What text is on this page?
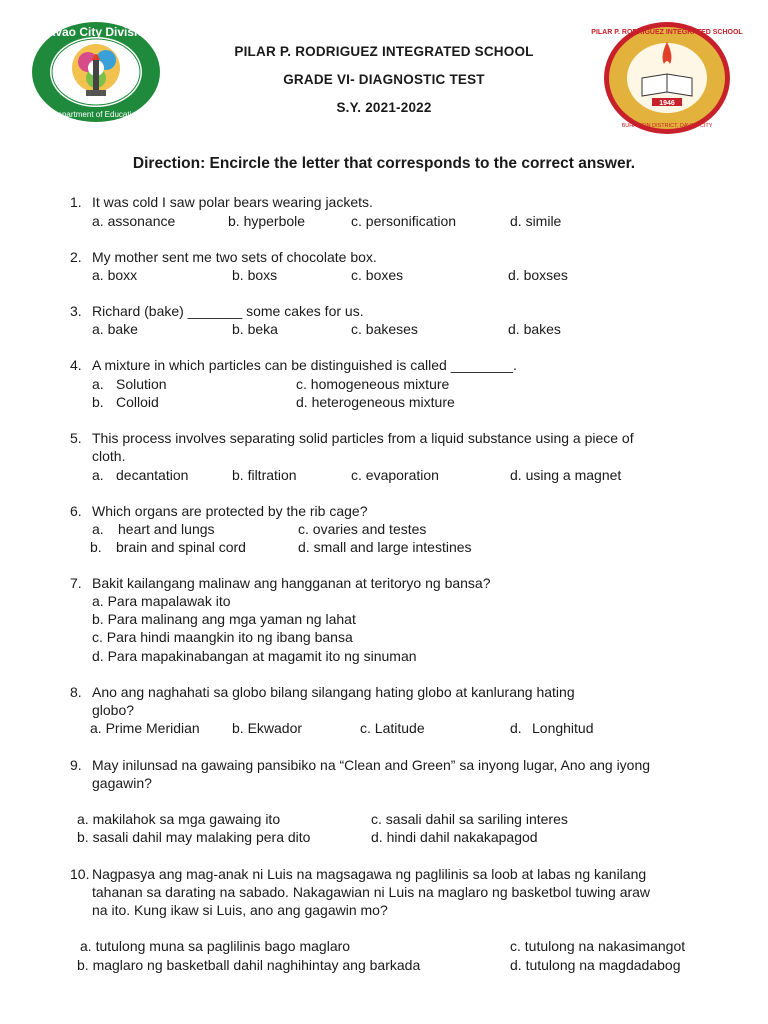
Davao City Division
Department of Education
1946
PILAR P. RODRIGUEZ INTEGRATED SCHOOL
BUHANGIN DISTRICT, DAVAO CITY
PILAR P. RODRIGUEZ INTEGRATED SCHOOL
GRADE VI- DIAGNOSTIC TEST
S.Y. 2021-2022
Direction: Encircle the letter that corresponds to the correct answer.
1. It was cold I saw polar bears wearing jackets.
a. assonance	b. hyperbole	c. personification	d. simile
2. My mother sent me two sets of chocolate box.
a. boxx	b. boxs	c. boxes	d. boxses
3. Richard (bake) _______ some cakes for us.
a. bake	b. beka	c. bakeses	d. bakes
4. A mixture in which particles can be distinguished is called ________.
a. Solution	c. homogeneous mixture
b. Colloid	d. heterogeneous mixture
5. This process involves separating solid particles from a liquid substance using a piece of
cloth.
a. decantation	b. filtration	c. evaporation	d. using a magnet
6. Which organs are protected by the rib cage?
a. heart and lungs	c. ovaries and testes
b. brain and spinal cord	d. small and large intestines
7. Bakit kailangang malinaw ang hangganan at teritoryo ng bansa?
a. Para mapalawak ito
b. Para malinang ang mga yaman ng lahat
c. Para hindi maangkin ito ng ibang bansa
d. Para mapakinabangan at magamit ito ng sinuman
8. Ano ang naghahati sa globo bilang silangang hating globo at kanlurang hating
globo?
a. Prime Meridian b. Ekwador	c. Latitude	d. Longhitud
9. May inilunsad na gawaing pansibiko na “Clean and Green” sa inyong lugar, Ano ang iyong
gagawin?
a. makilahok sa mga gawaing ito	c. sasali dahil sa sariling interes
b. sasali dahil may malaking pera dito	d. hindi dahil nakakapagod
10. Nagpasya ang mag-anak ni Luis na magsagawa ng paglilinis sa loob at labas ng kanilang
tahanan sa darating na sabado. Nakagawian ni Luis na maglaro ng basketbol tuwing araw
na ito. Kung ikaw si Luis, ano ang gagawin mo?
a. tutulong muna sa paglilinis bago maglaro	c. tutulong na nakasimangot
b. maglaro ng basketball dahil naghihintay ang barkada	d. tutulong na magdadabog
